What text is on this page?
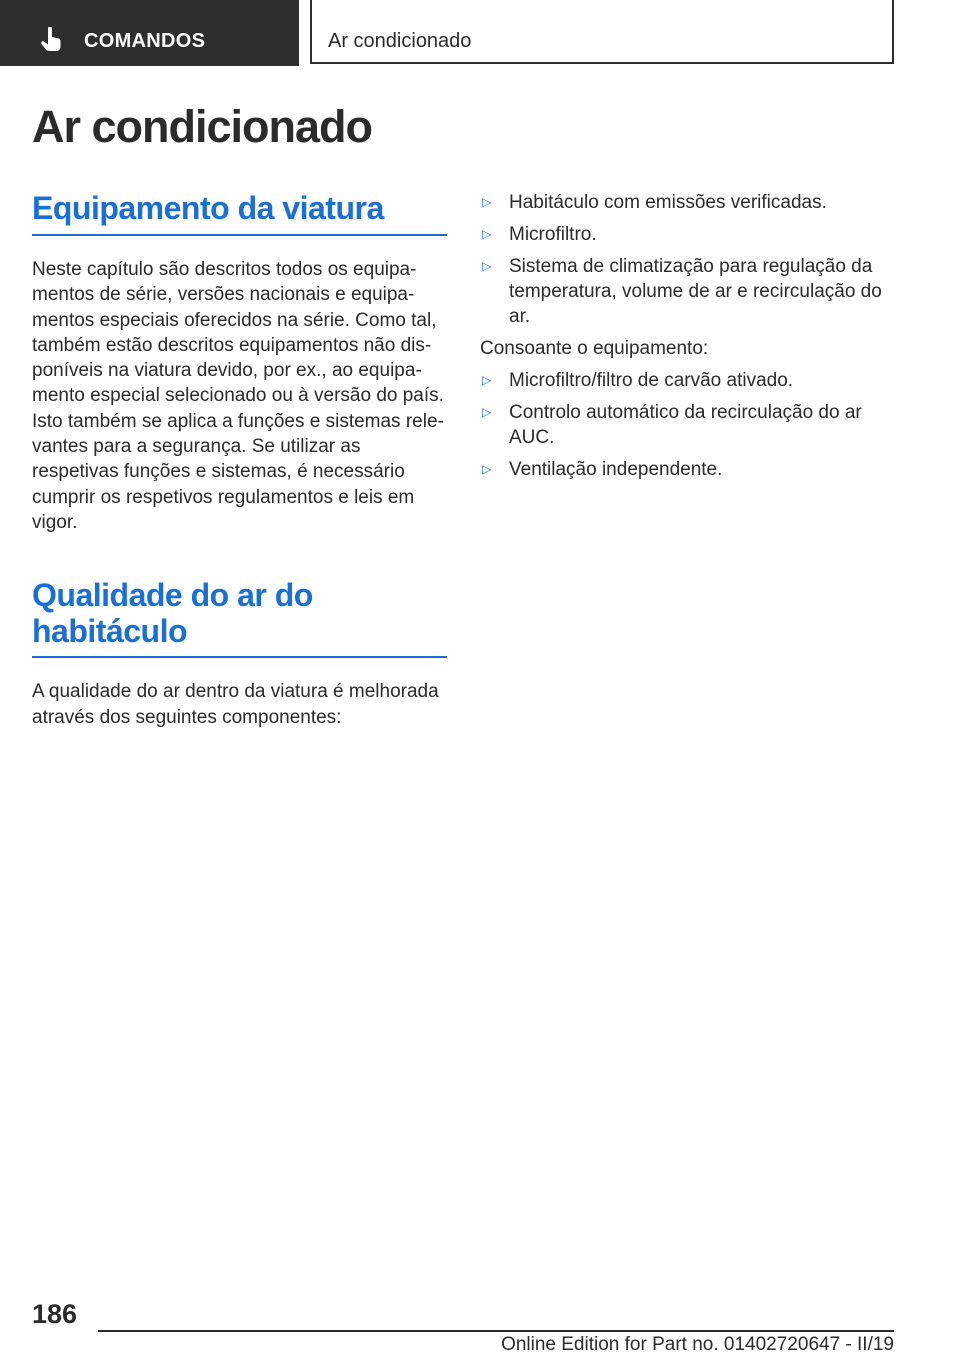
COMANDOS	Ar condicionado
Ar condicionado
Equipamento da viatura

Neste capítulo são descritos todos os equipamentos de série, versões nacionais e equipamentos especiais oferecidos na série. Como tal, também estão descritos equipamentos não disponíveis na viatura devido, por ex., ao equipamento especial selecionado ou à versão do país. Isto também se aplica a funções e sistemas relevantes para a segurança. Se utilizar as respetivas funções e sistemas, é necessário cumprir os respetivos regulamentos e leis em vigor.

Qualidade do ar do
habitáculo

A qualidade do ar dentro da viatura é melhorada através dos seguintes componentes:

▷ Habitáculo com emissões verificadas.
▷ Microfiltro.
▷ Sistema de climatização para regulação da temperatura, volume de ar e recirculação do ar.

Consoante o equipamento:

▷ Microfiltro/filtro de carvão ativado.
▷ Controlo automático da recirculação do ar AUC.
▷ Ventilação independente.
186
Online Edition for Part no. 01402720647 - II/19
